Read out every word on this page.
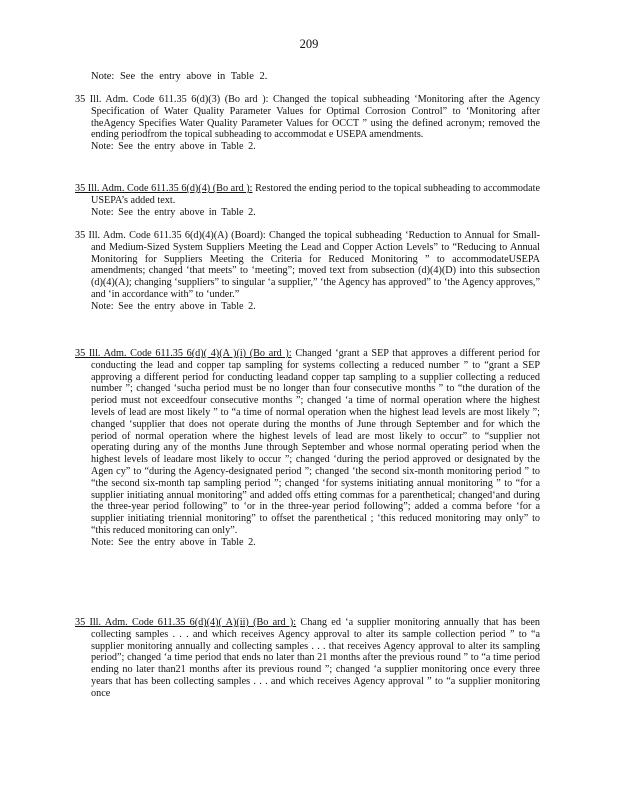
209
Note: See the entry above in Table 2.
35 Ill. Adm. Code 611.35 6(d)(3) (Bo ard ): Changed the topical subheading ‘Monitoring after the Agency Specification of Water Quality Parameter Values for Optimal Corrosion Control” to ‘Monitoring after theAgency Specifies Water Quality Parameter Values for OCCT ” using the defined acronym; removed the ending periodfrom the topical subheading to accommodat e USEPA amendments.
Note: See the entry above in Table 2.
35 Ill. Adm. Code 611.35 6(d)(4) (Bo ard ): Restored the ending period to the topical subheading to accommodate USEPA’s added text.
Note: See the entry above in Table 2.
35 Ill. Adm. Code 611.35 6(d)(4)(A) (Board): Changed the topical subheading ‘Reduction to Annual for Small- and Medium-Sized System Suppliers Meeting the Lead and Copper Action Levels” to “Reducing to Annual Monitoring for Suppliers Meeting the Criteria for Reduced Monitoring ” to accommodateUSEPA amendments; changed ‘that meets” to ‘meeting”; moved text from subsection (d)(4)(D) into this subsection (d)(4)(A); changing ‘suppliers” to singular ‘a supplier,” ‘the Agency has approved” to ‘the Agency approves,” and ‘in accordance with” to ‘under.”
Note: See the entry above in Table 2.
35 Ill. Adm. Code 611.35 6(d)( 4)(A )(i) (Bo ard ): Changed ‘grant a SEP that approves a different period for conducting the lead and copper tap sampling for systems collecting a reduced number ” to “grant a SEP approving a different period for conducting leadand copper tap sampling to a supplier collecting a reduced number ”; changed ‘sucha period must be no longer than four consecutive months ” to “the duration of the period must not exceedfour consecutive months ”; changed ‘a time of normal operation where the highest levels of lead are most likely ” to “a time of normal operation when the highest lead levels are most likely ”; changed ‘supplier that does not operate during the months of June through September and for which the period of normal operation where the highest levels of lead are most likely to occur” to “supplier not operating during any of the months June through September and whose normal operating period when the highest levels of leadare most likely to occur ”; changed ‘during the period approved or designated by the Agen cy” to “during the Agency-designated period ”; changed ‘the second six-month monitoring period ” to “the second six-month tap sampling period ”; changed ‘for systems initiating annual monitoring ” to “for a supplier initiating annual monitoring” and added offs etting commas for a parenthetical; changed‘and during the three-year period following” to ‘or in the three-year period following”; added a comma before ‘for a supplier initiating triennial monitoring” to offset the parenthetical ; ‘this reduced monitoring may only” to “this reduced monitoring can only”.
Note: See the entry above in Table 2.
35 Ill. Adm. Code 611.35 6(d)(4)( A)(ii) (Bo ard ): Chang ed ‘a supplier monitoring annually that has been collecting samples . . . and which receives Agency approval to alter its sample collection period ” to “a supplier monitoring annually and collecting samples . . . that receives Agency approval to alter its sampling period”; changed ‘a time period that ends no later than 21 months after the previous round ” to “a time period ending no later than21 months after its previous round ”; changed ‘a supplier monitoring once every three years that has been collecting samples . . . and which receives Agency approval ” to “a supplier monitoring once
